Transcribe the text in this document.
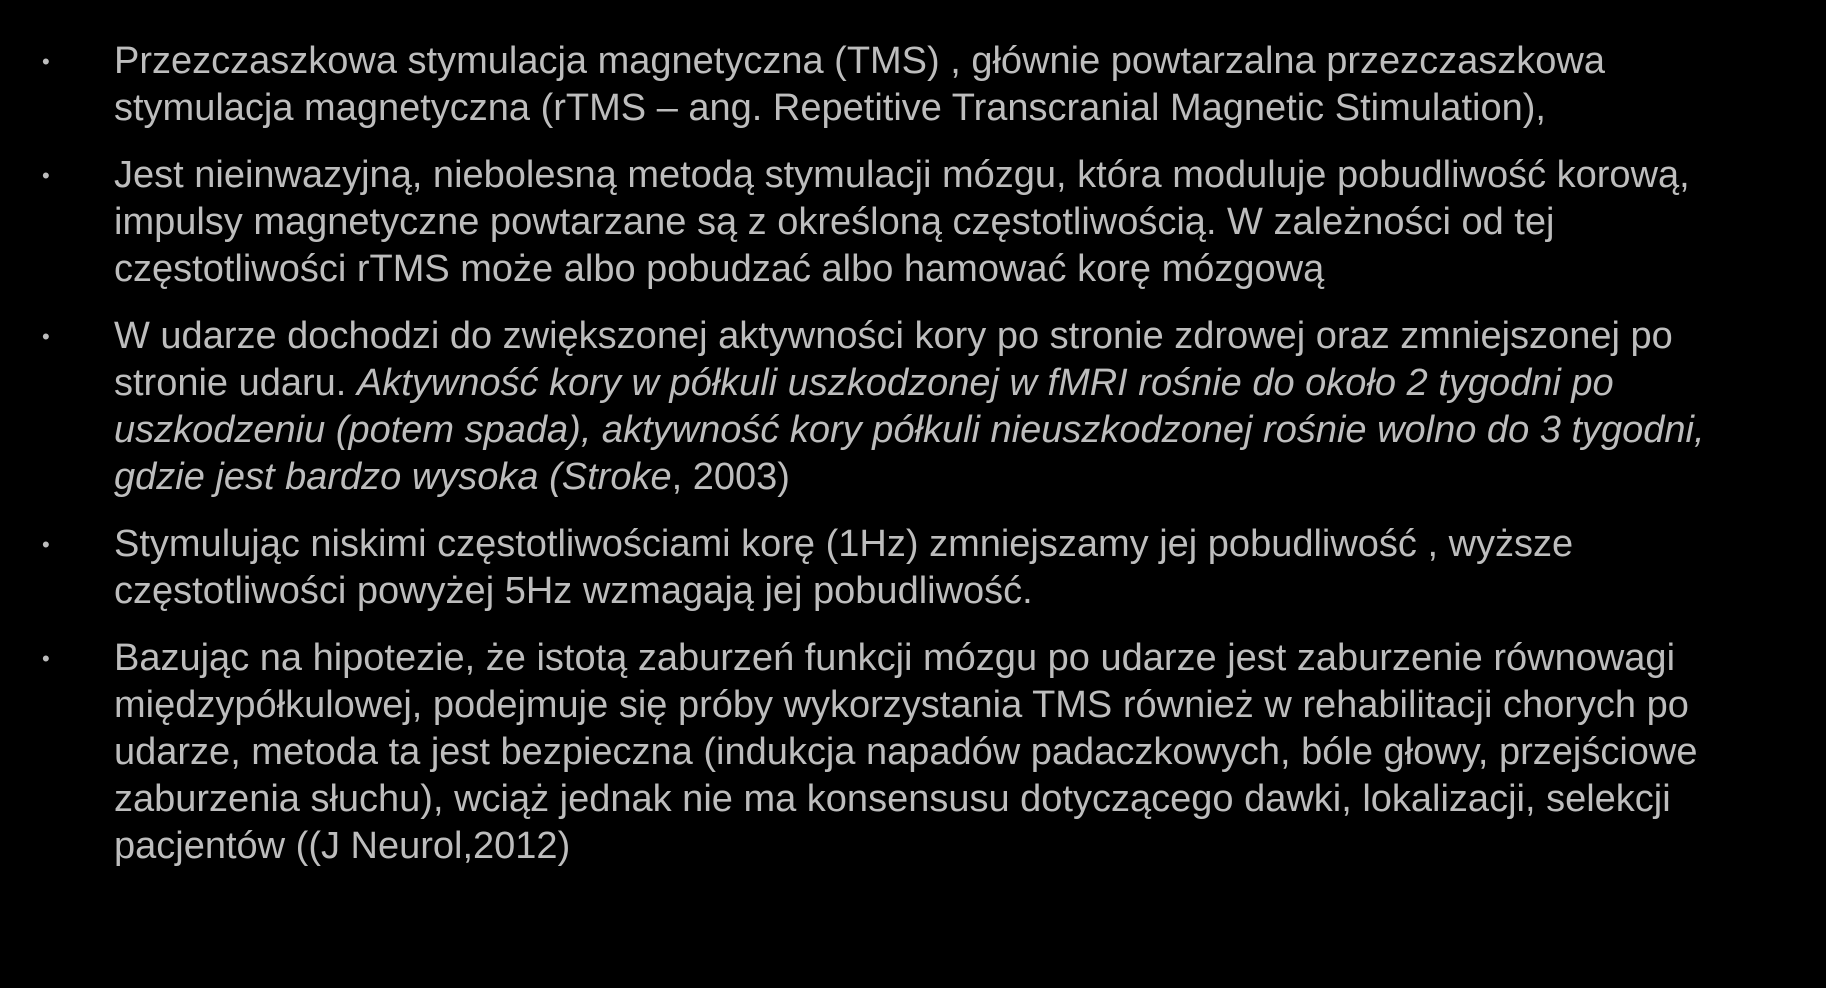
• Przezczaszkowa stymulacja magnetyczna (TMS) , głównie powtarzalna przezczaszkowa stymulacja magnetyczna (rTMS – ang. Repetitive Transcranial Magnetic Stimulation),
• Jest nieinwazyjną, niebolesną metodą stymulacji mózgu, która moduluje pobudliwość korową, impulsy magnetyczne powtarzane są z określoną częstotliwością. W zależności od tej częstotliwości rTMS może albo pobudzać albo hamować korę mózgową
• W udarze dochodzi do zwiększonej aktywności kory po stronie zdrowej oraz zmniejszonej po stronie udaru. Aktywność kory w półkuli uszkodzonej w fMRI rośnie do około 2 tygodni po uszkodzeniu (potem spada), aktywność kory półkuli nieuszkodzonej rośnie wolno do 3 tygodni, gdzie jest bardzo wysoka (Stroke, 2003)
• Stymulując niskimi częstotliwościami korę (1Hz) zmniejszamy jej pobudliwość , wyższe częstotliwości powyżej 5Hz wzmagają jej pobudliwość.
• Bazując na hipotezie, że istotą zaburzeń funkcji mózgu po udarze jest zaburzenie równowagi międzypółkulowej, podejmuje się próby wykorzystania TMS również w rehabilitacji chorych po udarze, metoda ta jest bezpieczna (indukcja napadów padaczkowych, bóle głowy, przejściowe zaburzenia słuchu), wciąż jednak nie ma konsensusu dotyczącego dawki, lokalizacji, selekcji pacjentów ((J Neurol,2012)
